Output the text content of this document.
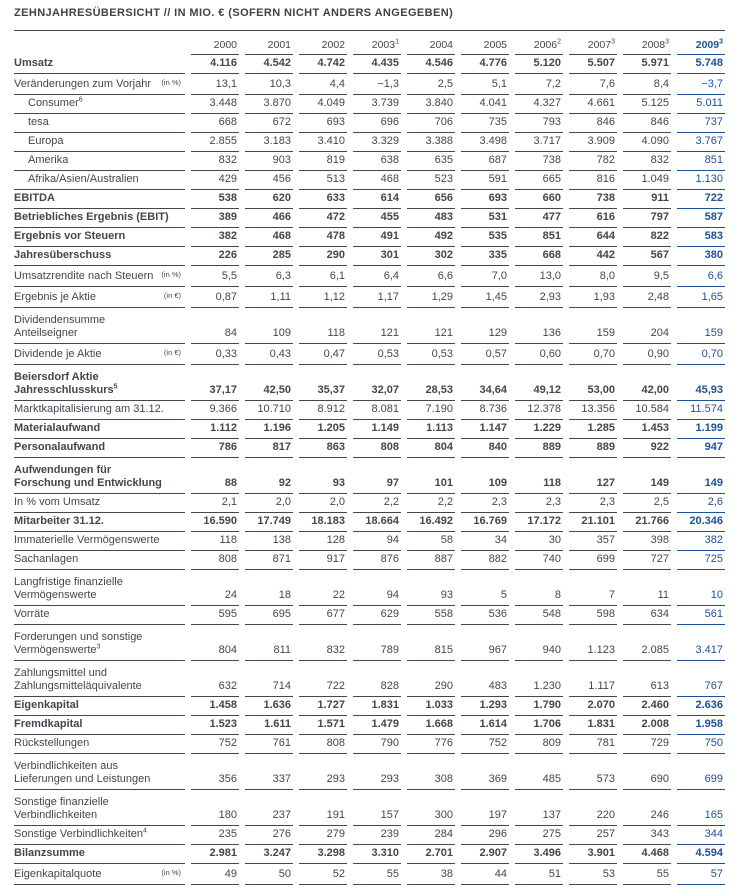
ZEHNJAHRESÜBERSICHT // IN MIO. € (SOFERN NICHT ANDERS ANGEGEBEN)
2000	2001	2002	2003$^1$	2004	2005	2006$^2$	2007$^3$	2008$^3$	2009$^3$
Umsatz	4.116	4.542	4.742	4.435	4.546	4.776	5.120	5.507	5.971	5.748
Veränderungen zum Vorjahr (in %)	13,1	10,3	4,4	−1,3	2,5	5,1	7,2	7,6	8,4	−3,7
Consumer$^6$	3.448	3.870	4.049	3.739	3.840	4.041	4.327	4.661	5.125	5.011
tesa	668	672	693	696	706	735	793	846	846	737
Europa	2.855	3.183	3.410	3.329	3.388	3.498	3.717	3.909	4.090	3.767
Amerika	832	903	819	638	635	687	738	782	832	851
Afrika/Asien/Australien	429	456	513	468	523	591	665	816	1.049	1.130
EBITDA	538	620	633	614	656	693	660	738	911	722
Betriebliches Ergebnis (EBIT)	389	466	472	455	483	531	477	616	797	587
Ergebnis vor Steuern	382	468	478	491	492	535	851	644	822	583
Jahresüberschuss	226	285	290	301	302	335	668	442	567	380
Umsatzrendite nach Steuern (in %)	5,5	6,3	6,1	6,4	6,6	7,0	13,0	8,0	9,5	6,6
Ergebnis je Aktie	(in €)	0,87	1,11	1,12	1,17	1,29	1,45	2,93	1,93	2,48	1,65
Dividendensumme
Anteilseigner	84	109	118	121	121	129	136	159	204	159
Dividende je Aktie	(in €)	0,33	0,43	0,47	0,53	0,53	0,57	0,60	0,70	0,90	0,70
Beiersdorf Aktie
Jahresschlusskurs$^5$	37,17	42,50	35,37	32,07	28,53	34,64	49,12	53,00	42,00	45,93
Marktkapitalisierung am 31.12.	9.366	10.710	8.912	8.081	7.190	8.736	12.378	13.356	10.584	11.574
Materialaufwand	1.112	1.196	1.205	1.149	1.113	1.147	1.229	1.285	1.453	1.199
Personalaufwand	786	817	863	808	804	840	889	889	922	947
Aufwendungen für
Forschung und Entwicklung	88	92	93	97	101	109	118	127	149	149
In % vom Umsatz	2,1	2,0	2,0	2,2	2,2	2,3	2,3	2,3	2,5	2,6
Mitarbeiter 31.12.	16.590	17.749	18.183	18.664	16.492	16.769	17.172	21.101	21.766	20.346
Immaterielle Vermögenswerte	118	138	128	94	58	34	30	357	398	382
Sachanlagen	808	871	917	876	887	882	740	699	727	725
Langfristige finanzielle
Vermögenswerte	24	18	22	94	93	5	8	7	11	10
Vorräte	595	695	677	629	558	536	548	598	634	561
Forderungen und sonstige
Vermögenswerte$^3$	804	811	832	789	815	967	940	1.123	2.085	3.417
Zahlungsmittel und
Zahlungsmitteläquivalente	632	714	722	828	290	483	1.230	1.117	613	767
Eigenkapital	1.458	1.636	1.727	1.831	1.033	1.293	1.790	2.070	2.460	2.636
Fremdkapital	1.523	1.611	1.571	1.479	1.668	1.614	1.706	1.831	2.008	1.958
Rückstellungen	752	761	808	790	776	752	809	781	729	750
Verbindlichkeiten aus
Lieferungen und Leistungen	356	337	293	293	308	369	485	573	690	699
Sonstige finanzielle
Verbindlichkeiten	180	237	191	157	300	197	137	220	246	165
Sonstige Verbindlichkeiten$^4$	235	276	279	239	284	296	275	257	343	344
Bilanzsumme	2.981	3.247	3.298	3.310	2.701	2.907	3.496	3.901	4.468	4.594
Eigenkapitalquote	(in %)	49	50	52	55	38	44	51	53	55	57
